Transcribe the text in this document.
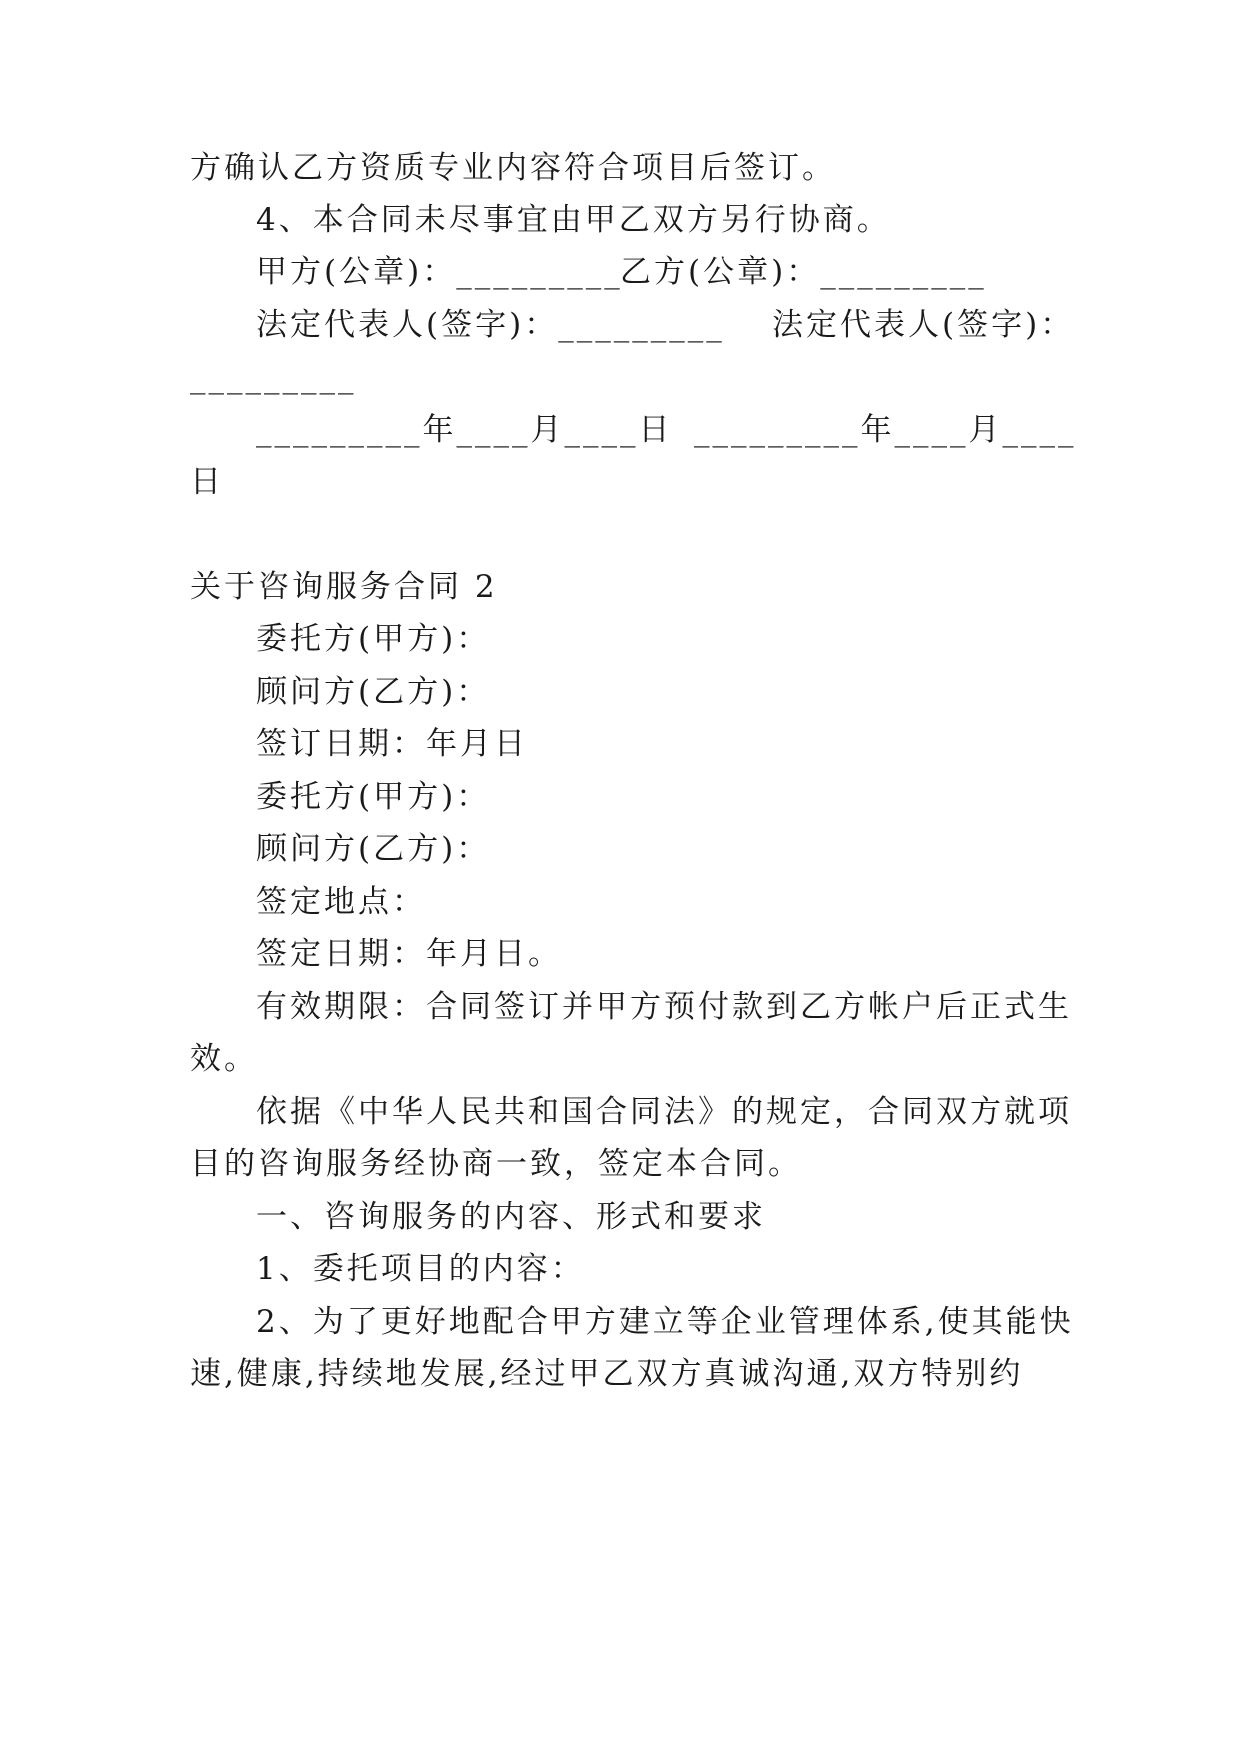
方确认乙方资质专业内容符合项目后签订。
4、本合同未尽事宜由甲乙双方另行协商。
甲方(公章)：_________
乙方(公章)：_________
法定代表人(签字)：_________ 法定代表人(签字)：
_________
_________年____月____日 _________年____月____
日
关于咨询服务合同 2
委托方(甲方)：
顾问方(乙方)：
签订日期：年月日
委托方(甲方)：
顾问方(乙方)：
签定地点：
签定日期：年月日。
有效期限：合同签订并甲方预付款到乙方帐户后正式生
效。
依据《中华人民共和国合同法》的规定，合同双方就项
目的咨询服务经协商一致，签定本合同。
一、咨询服务的内容、形式和要求
1、委托项目的内容：
2、为了更好地配合甲方建立等企业管理体系,使其能快
速,健康,持续地发展,经过甲乙双方真诚沟通,双方特别约
